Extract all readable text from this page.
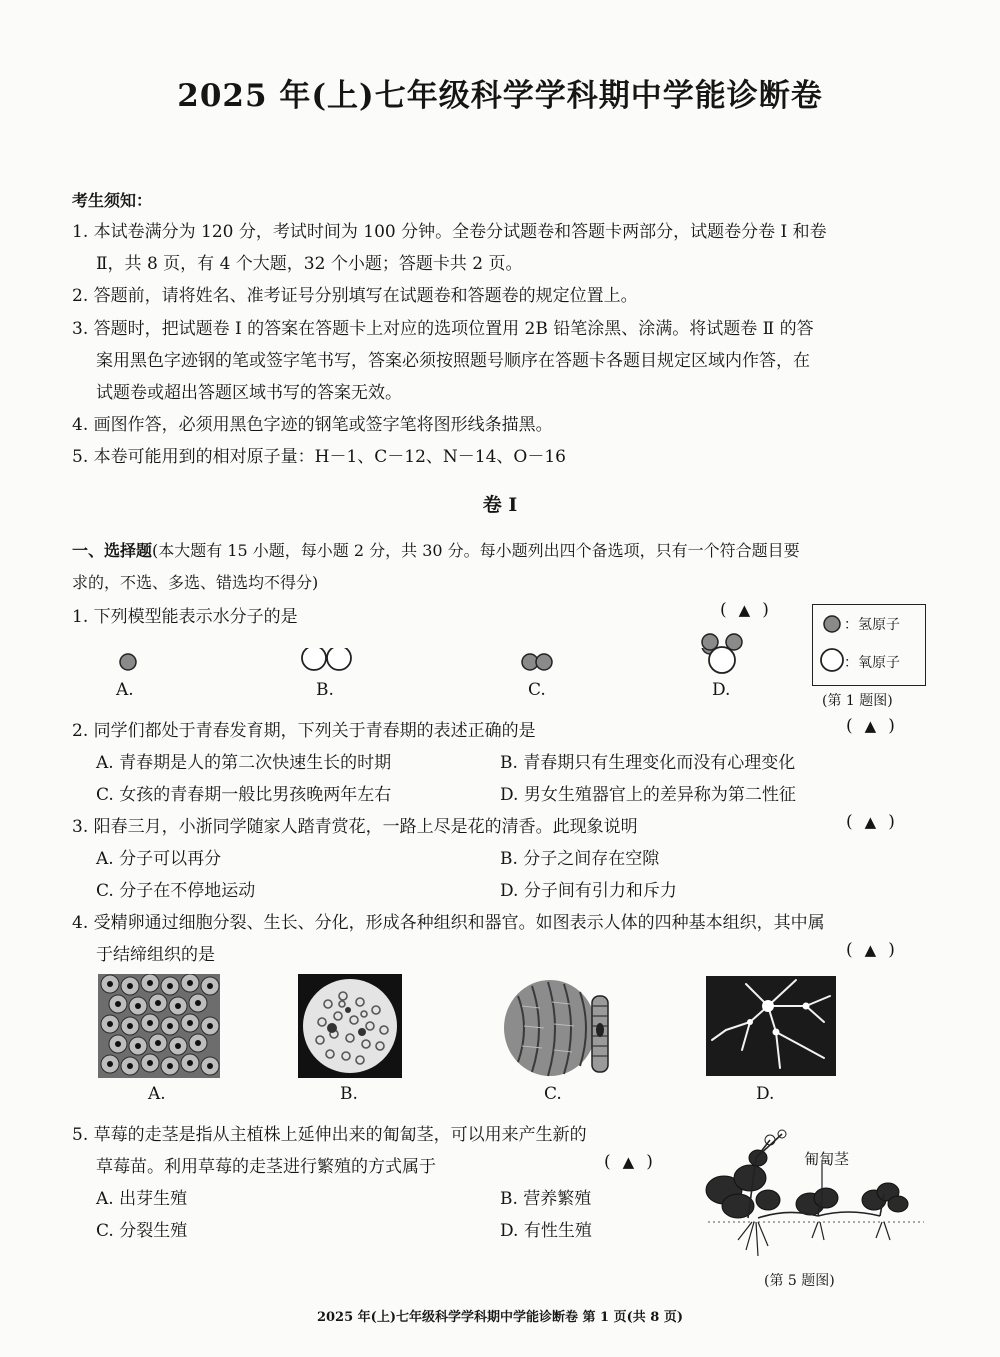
2025 年(上)七年级科学学科期中学能诊断卷
考生须知：
1. 本试卷满分为 120 分，考试时间为 100 分钟。全卷分试题卷和答题卡两部分，试题卷分卷 Ⅰ 和卷
Ⅱ，共 8 页，有 4 个大题，32 个小题；答题卡共 2 页。
2. 答题前，请将姓名、准考证号分别填写在试题卷和答题卷的规定位置上。
3. 答题时，把试题卷 Ⅰ 的答案在答题卡上对应的选项位置用 2B 铅笔涂黑、涂满。将试题卷 Ⅱ 的答
案用黑色字迹钢的笔或签字笔书写，答案必须按照题号顺序在答题卡各题目规定区域内作答，在
试题卷或超出答题区域书写的答案无效。
4. 画图作答，必须用黑色字迹的钢笔或签字笔将图形线条描黑。
5. 本卷可能用到的相对原子量：H－1、C－12、N－14、O－16
卷 Ⅰ
一、选择题(本大题有 15 小题，每小题 2 分，共 30 分。每小题列出四个备选项，只有一个符合题目要
求的，不选、多选、错选均不得分)
1. 下列模型能表示水分子的是	( ▲ )
A.	B.	C.	D.
：氢原子
：氧原子
(第 1 题图)
2. 同学们都处于青春发育期，下列关于青春期的表述正确的是	( ▲ )
A. 青春期是人的第二次快速生长的时期	B. 青春期只有生理变化而没有心理变化
C. 女孩的青春期一般比男孩晚两年左右	D. 男女生殖器官上的差异称为第二性征
3. 阳春三月，小浙同学随家人踏青赏花，一路上尽是花的清香。此现象说明	( ▲ )
A. 分子可以再分	B. 分子之间存在空隙
C. 分子在不停地运动	D. 分子间有引力和斥力
4. 受精卵通过细胞分裂、生长、分化，形成各种组织和器官。如图表示人体的四种基本组织，其中属
于结缔组织的是	( ▲ )
A.	B.	C.	D.
5. 草莓的走茎是指从主植株上延伸出来的匍匐茎，可以用来产生新的
草莓苗。利用草莓的走茎进行繁殖的方式属于	( ▲ )
A. 出芽生殖	B. 营养繁殖
C. 分裂生殖	D. 有性生殖
匍匐茎
(第 5 题图)
2025 年(上)七年级科学学科期中学能诊断卷 第 1 页(共 8 页)
